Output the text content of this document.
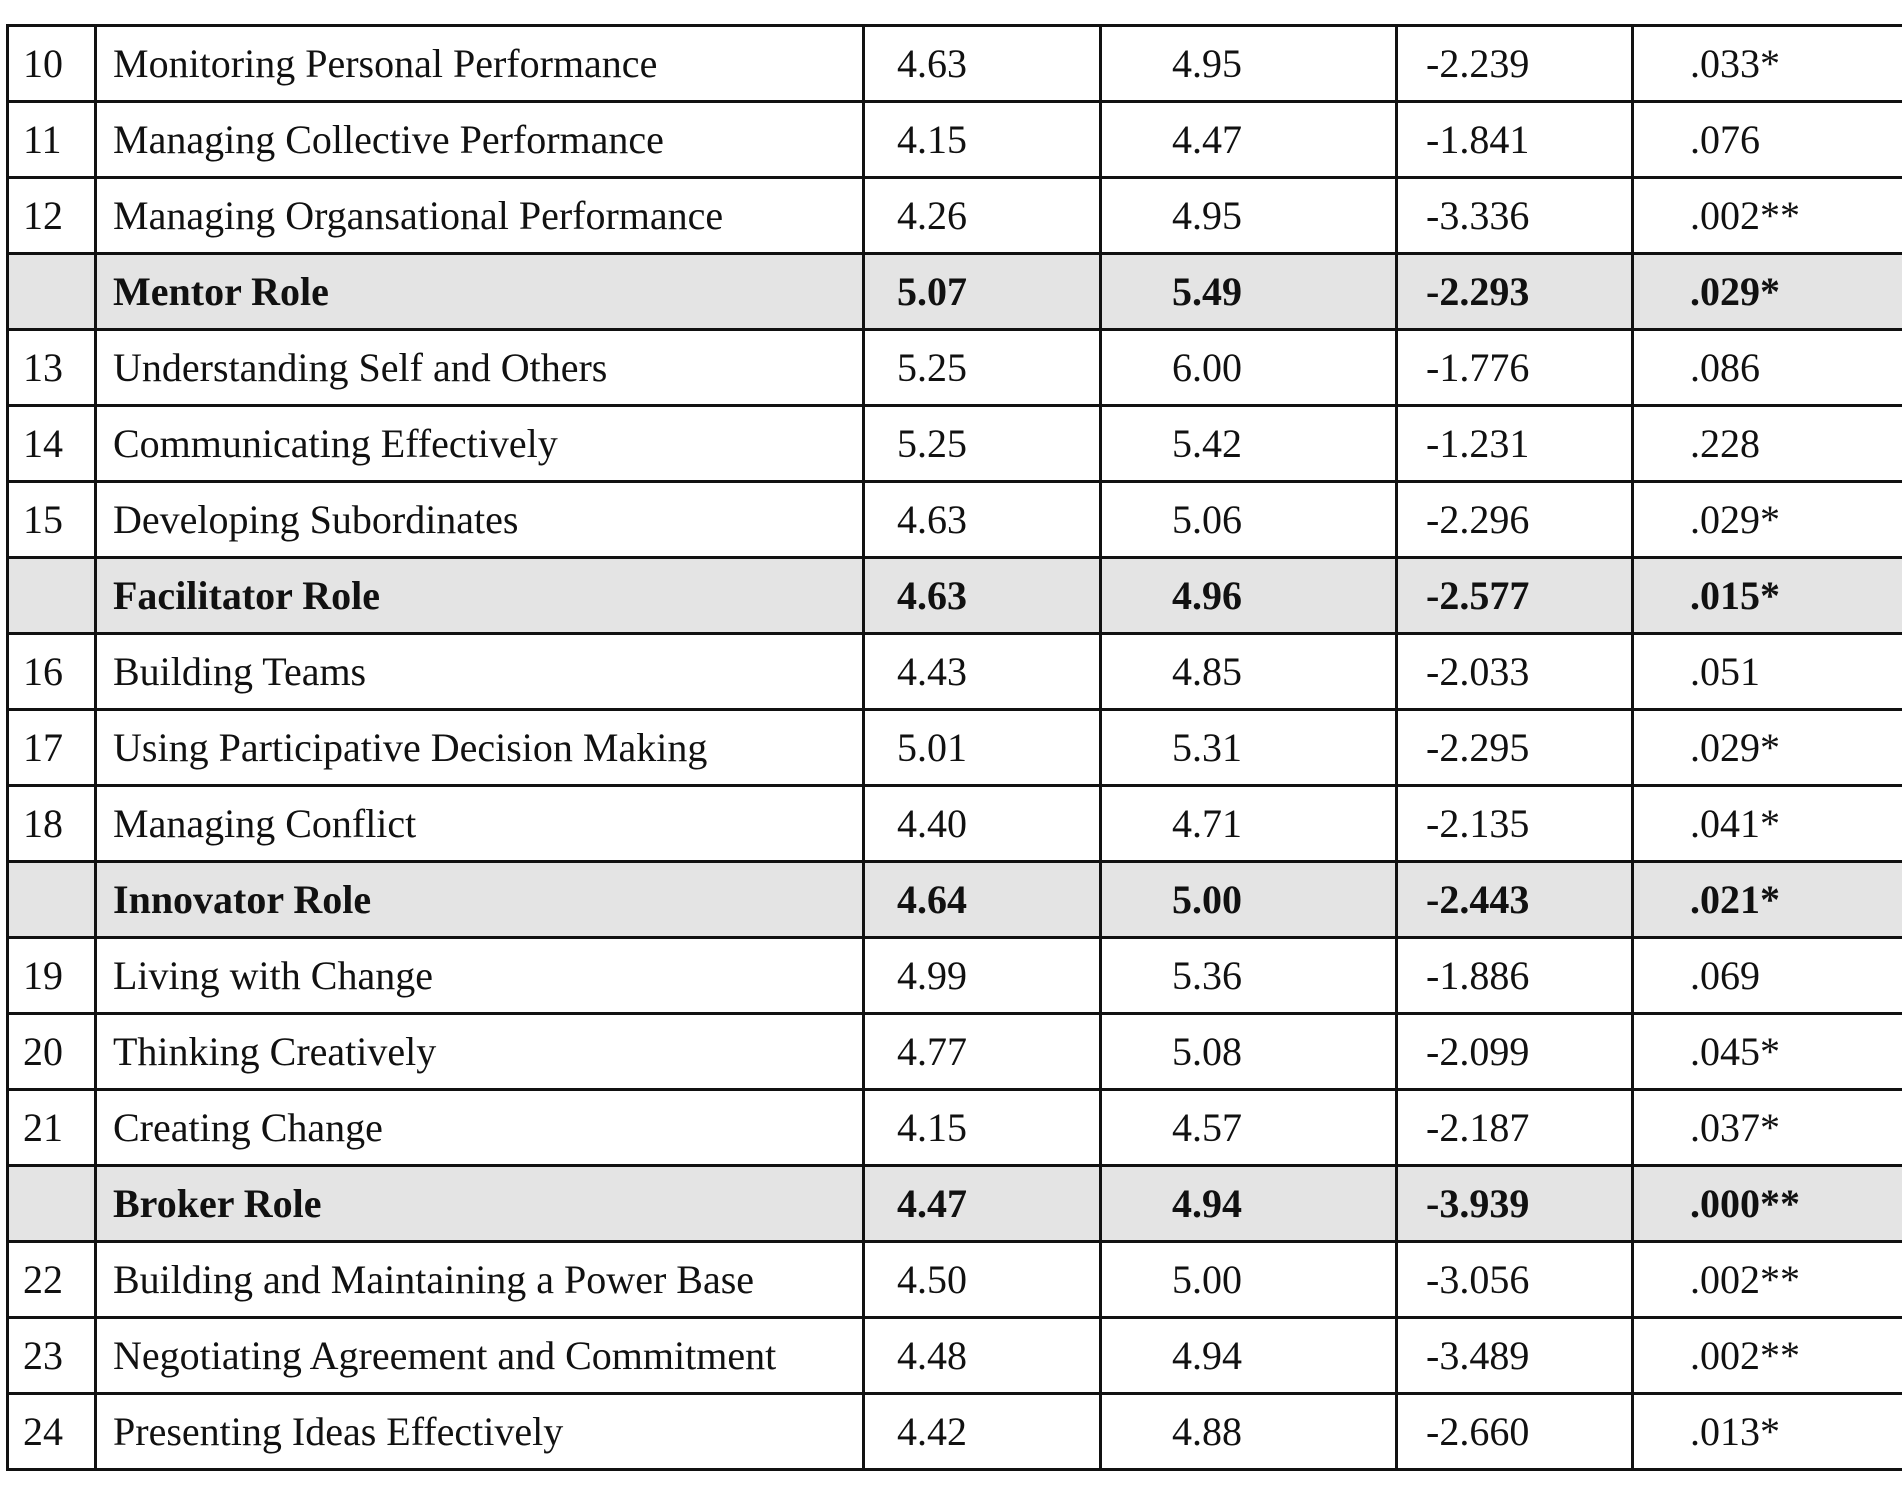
10	Monitoring Personal Performance	4.63	4.95	-2.239	.033*
11	Managing Collective Performance	4.15	4.47	-1.841	.076
12	Managing Organsational Performance	4.26	4.95	-3.336	.002**
	Mentor Role	5.07	5.49	-2.293	.029*
13	Understanding Self and Others	5.25	6.00	-1.776	.086
14	Communicating Effectively	5.25	5.42	-1.231	.228
15	Developing Subordinates	4.63	5.06	-2.296	.029*
	Facilitator Role	4.63	4.96	-2.577	.015*
16	Building Teams	4.43	4.85	-2.033	.051
17	Using Participative Decision Making	5.01	5.31	-2.295	.029*
18	Managing Conflict	4.40	4.71	-2.135	.041*
	Innovator Role	4.64	5.00	-2.443	.021*
19	Living with Change	4.99	5.36	-1.886	.069
20	Thinking Creatively	4.77	5.08	-2.099	.045*
21	Creating Change	4.15	4.57	-2.187	.037*
	Broker Role	4.47	4.94	-3.939	.000**
22	Building and Maintaining a Power Base	4.50	5.00	-3.056	.002**
23	Negotiating Agreement and Commitment	4.48	4.94	-3.489	.002**
24	Presenting Ideas Effectively	4.42	4.88	-2.660	.013*
